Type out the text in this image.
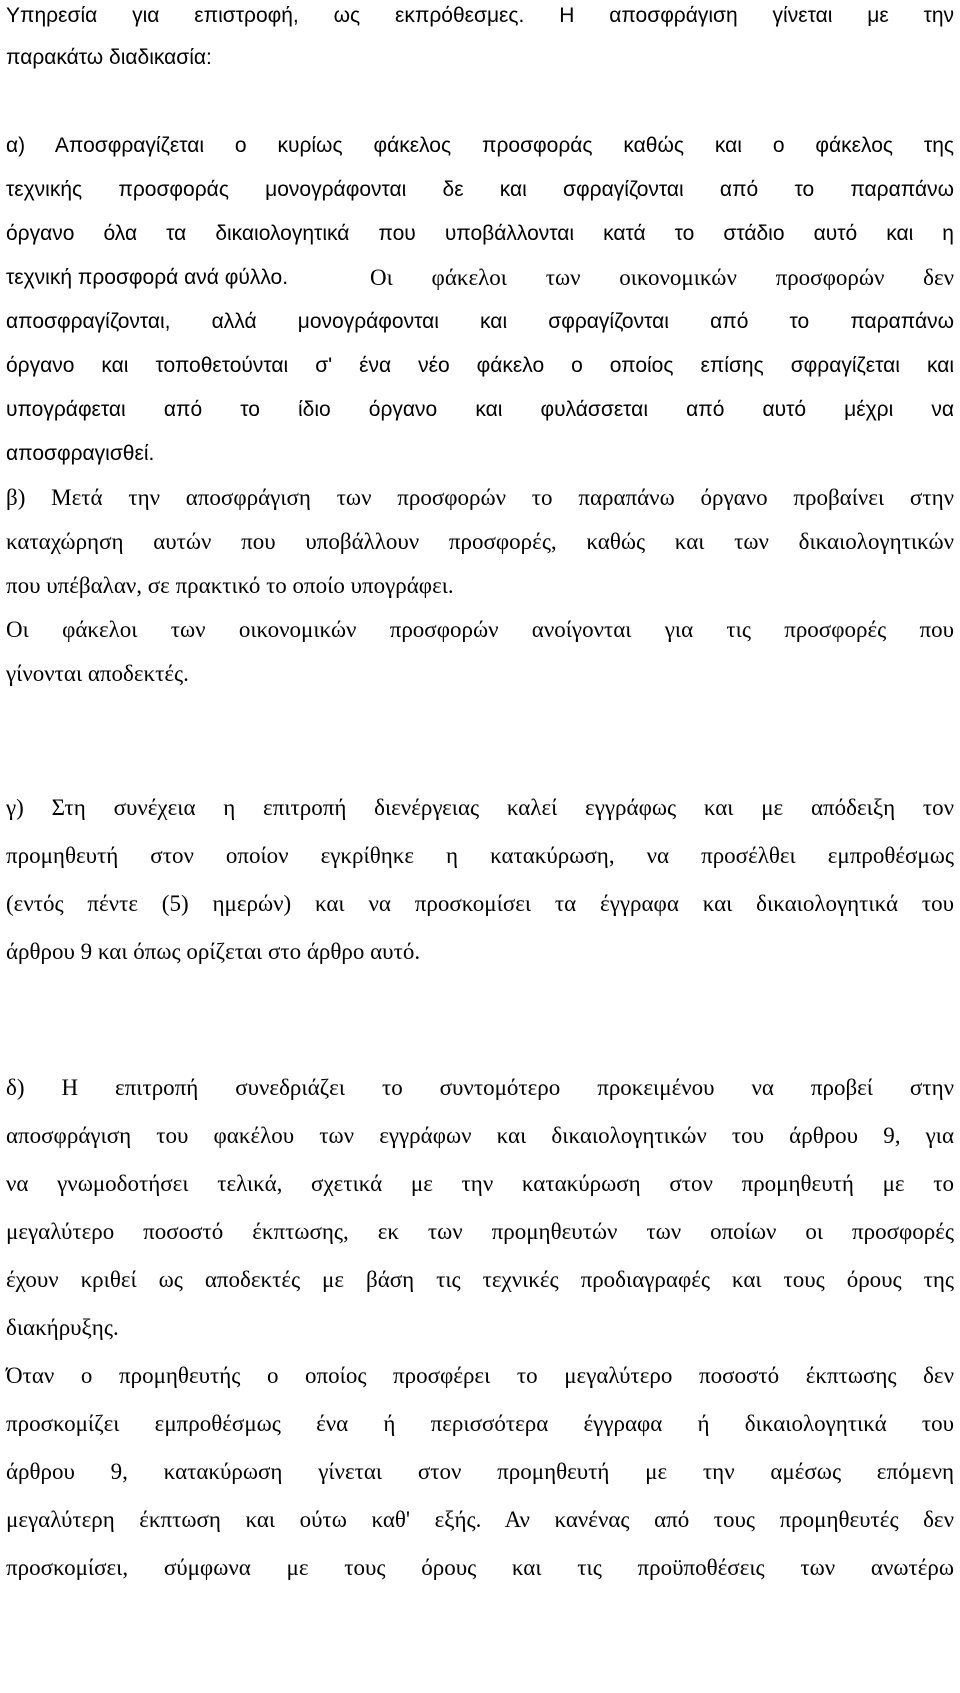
Υπηρεσία για επιστροφή, ως εκπρόθεσμες. Η αποσφράγιση γίνεται με την
παρακάτω διαδικασία:
α) Αποσφραγίζεται ο κυρίως φάκελος προσφοράς καθώς και ο φάκελος της
τεχνικής προσφοράς μονογράφονται δε και σφραγίζονται από το παραπάνω
όργανο όλα τα δικαιολογητικά που υποβάλλονται κατά το στάδιο αυτό και η
τεχνική προσφορά ανά φύλλο.	Οι φάκελοι των οικονομικών προσφορών δεν
αποσφραγίζονται, αλλά μονογράφονται και σφραγίζονται από το παραπάνω
όργανο και τοποθετούνται σ' ένα νέο φάκελο ο οποίος επίσης σφραγίζεται και
υπογράφεται από το ίδιο όργανο και φυλάσσεται από αυτό μέχρι να
αποσφραγισθεί.
β) Μετά την αποσφράγιση των προσφορών το παραπάνω όργανο προβαίνει στην
καταχώρηση αυτών που υποβάλλουν προσφορές, καθώς και των δικαιολογητικών
που υπέβαλαν, σε πρακτικό το οποίο υπογράφει.
Οι φάκελοι των οικονομικών προσφορών ανοίγονται για τις προσφορές που
γίνονται αποδεκτές.
γ) Στη συνέχεια η επιτροπή διενέργειας καλεί εγγράφως και με απόδειξη τον
προμηθευτή στον οποίον εγκρίθηκε η κατακύρωση, να προσέλθει εμπροθέσμως
(εντός πέντε (5) ημερών) και να προσκομίσει τα έγγραφα και δικαιολογητικά του
άρθρου 9 και όπως ορίζεται στο άρθρο αυτό.
δ) Η επιτροπή συνεδριάζει το συντομότερο προκειμένου να προβεί στην
αποσφράγιση του φακέλου των εγγράφων και δικαιολογητικών του άρθρου 9, για
να γνωμοδοτήσει τελικά, σχετικά με την κατακύρωση στον προμηθευτή με το
μεγαλύτερο ποσοστό έκπτωσης, εκ των προμηθευτών των οποίων οι προσφορές
έχουν κριθεί ως αποδεκτές με βάση τις τεχνικές προδιαγραφές και τους όρους της
διακήρυξης.
Όταν ο προμηθευτής ο οποίος προσφέρει το μεγαλύτερο ποσοστό έκπτωσης δεν
προσκομίζει εμπροθέσμως ένα ή περισσότερα έγγραφα ή δικαιολογητικά του
άρθρου 9, κατακύρωση γίνεται στον προμηθευτή με την αμέσως επόμενη
μεγαλύτερη έκπτωση και ούτω καθ' εξής. Αν κανένας από τους προμηθευτές δεν
προσκομίσει, σύμφωνα με τους όρους και τις προϋποθέσεις των ανωτέρω
